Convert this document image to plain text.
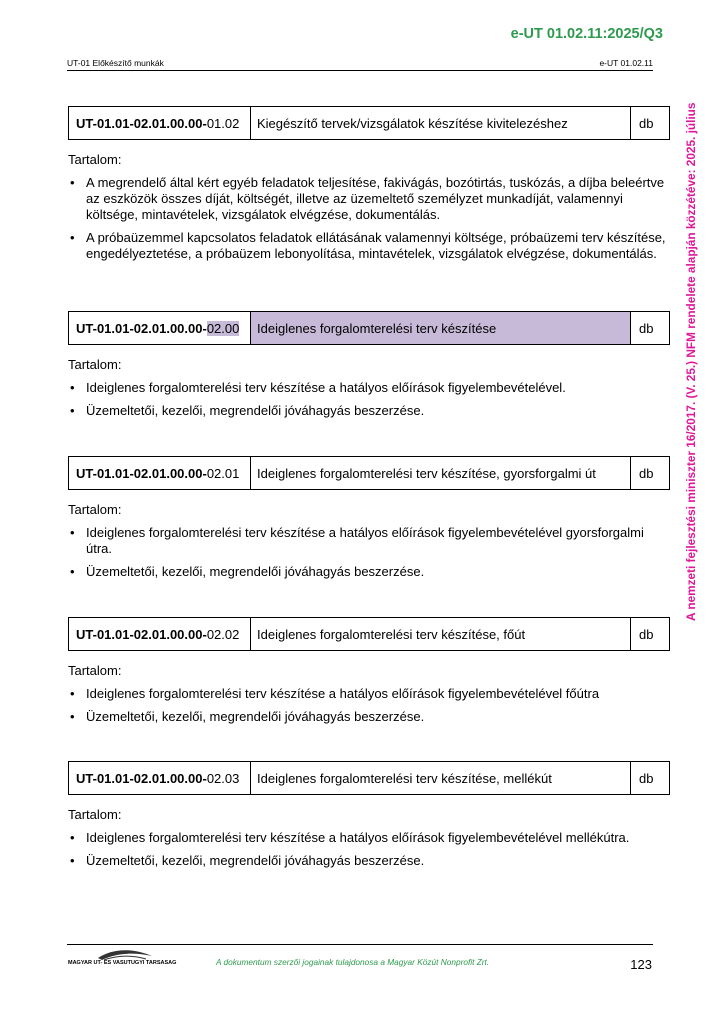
e-UT 01.02.11:2025/Q3
UT-01 Előkészítő munkák	e-UT 01.02.11
A nemzeti fejlesztési miniszter 16/2017. (V. 25.) NFM rendelete alapján közzétéve: 2025. július
UT-01.01-02.01.00.00- 01.02	Kiegészítő tervek/vizsgálatok készítése kivitelezéshez	db
Tartalom:
• A megrendelő által kért egyéb feladatok teljesítése, fakivágás, bozótirtás, tuskózás, a díjba beleértve az eszközök összes díját, költségét, illetve az üzemeltető személyzet munkadíját, valamennyi költsége, mintavételek, vizsgálatok elvégzése, dokumentálás.
• A próbaüzemmel kapcsolatos feladatok ellátásának valamennyi költsége, próbaüzemi terv készítése, engedélyeztetése, a próbaüzem lebonyolítása, mintavételek, vizsgálatok elvégzése, dokumentálás.
UT-01.01-02.01.00.00- 02.00	Ideiglenes forgalomterelési terv készítése	db
Tartalom:
• Ideiglenes forgalomterelési terv készítése a hatályos előírások figyelembevételével.
• Üzemeltetői, kezelői, megrendelői jóváhagyás beszerzése.
UT-01.01-02.01.00.00- 02.01	Ideiglenes forgalomterelési terv készítése, gyorsforgalmi út	db
Tartalom:
• Ideiglenes forgalomterelési terv készítése a hatályos előírások figyelembevételével gyorsforgalmi útra.
• Üzemeltetői, kezelői, megrendelői jóváhagyás beszerzése.
UT-01.01-02.01.00.00- 02.02	Ideiglenes forgalomterelési terv készítése, főút	db
Tartalom:
• Ideiglenes forgalomterelési terv készítése a hatályos előírások figyelembevételével főútra
• Üzemeltetői, kezelői, megrendelői jóváhagyás beszerzése.
UT-01.01-02.01.00.00- 02.03	Ideiglenes forgalomterelési terv készítése, mellékút	db
Tartalom:
• Ideiglenes forgalomterelési terv készítése a hatályos előírások figyelembevételével mellékútra.
• Üzemeltetői, kezelői, megrendelői jóváhagyás beszerzése.
MAGYAR UT- ES VASUTUGYI TARSASAG	A dokumentum szerzői jogainak tulajdonosa a Magyar Közút Nonprofit Zrt.	123
